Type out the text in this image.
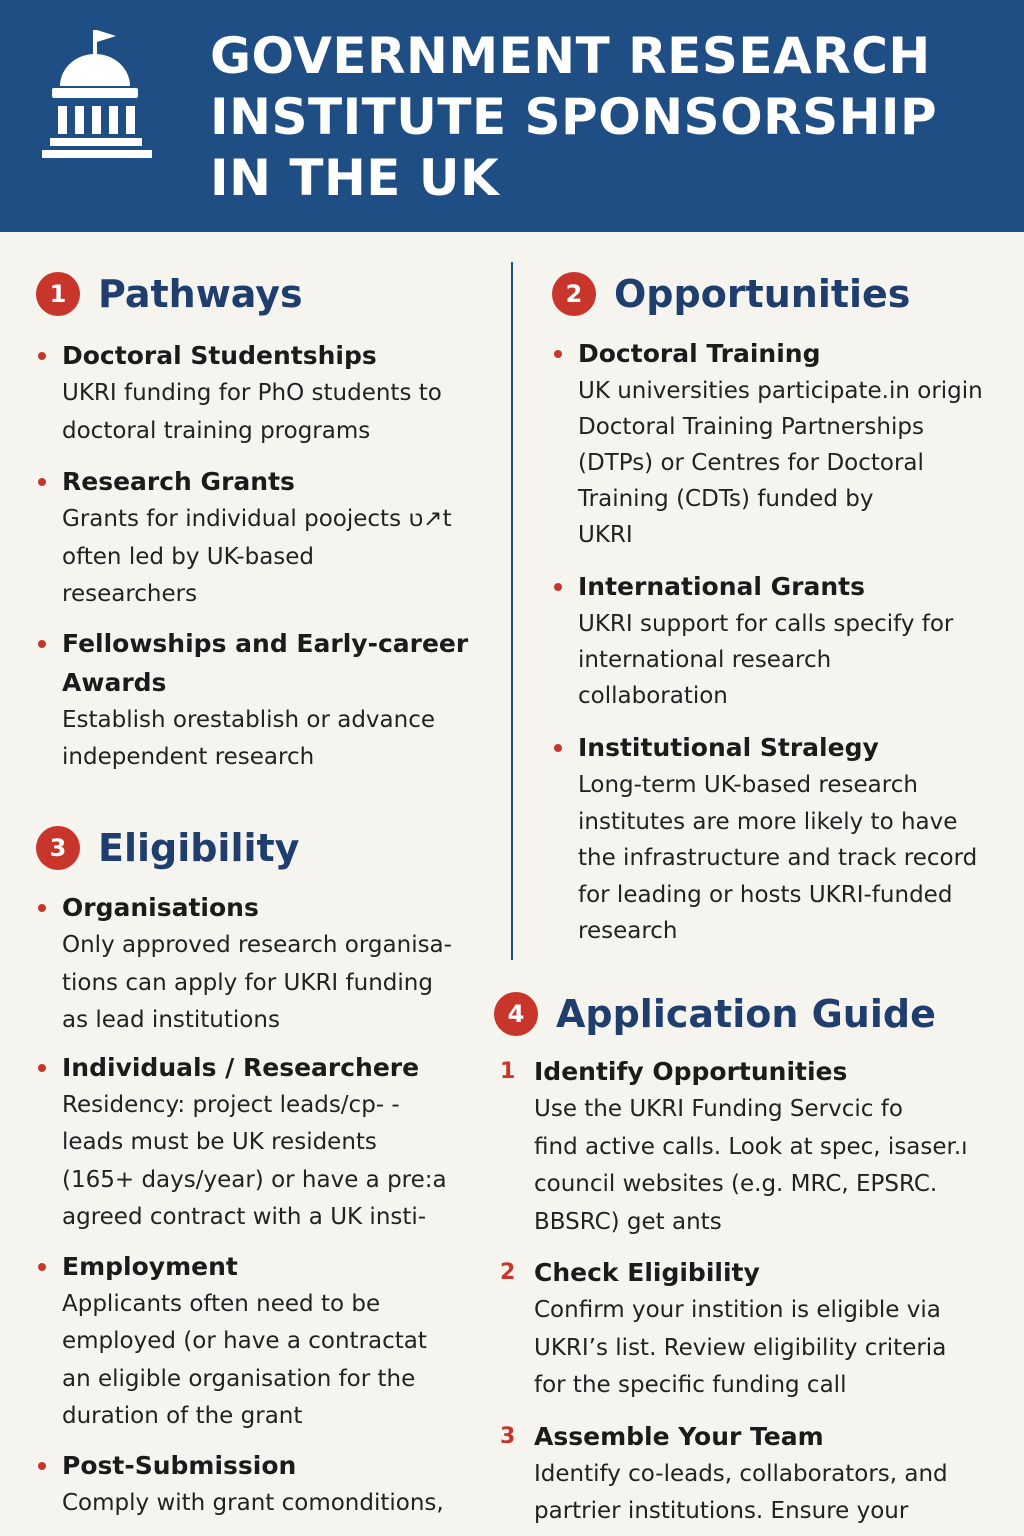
GOVERNMENT RESEARCH
INSTITUTE SPONSORSHIP
IN THE UK
1 Pathways
Doctoral Studentships
UKRI funding for PhO students to
doctoral training programs
Research Grants
Grants for individual poojects ט↗t
often led by UK-based
researchers
Fellowships and Early-career
Awards
Establish orestablish or advance
independent research
2 Opportunities
Doctoral Training
UK universities participate.in origin
Doctoral Training Partnerships
(DTPs) or Centres for Doctoral
Training (CDTs) funded by
UKRI
International Grants
UKRI support for calls specify for
international research
collaboration
Institutional Stralegy
Long-term UK-based research
institutes are more likely to have
the infrastructure and track record
for leading or hosts UKRI-funded
research
3 Eligibility
Organisations
Only approved research organisa-
tions can apply for UKRI funding
as lead institutions
Individuals / Researchere
Residency: project leads/cp- -
leads must be UK residents
(165+ days/year) or have a pre:a
agreed contract with a UK insti-
Employment
Applicants often need to be
employed (or have a contractat
an eligible organisation for the
duration of the grant
Post-Submission
Comply with grant comonditions,
4 Application Guide
1 Identify Opportunities
Use the UKRI Funding Servcic fo
find active calls. Look at spec, isaser.ı
council websites (e.g. MRC, EPSRC.
BBSRC) get ants
2 Check Eligibility
Confirm your instition is eligible via
UKRI’s list. Review eligibility criteria
for the specific funding call
3 Assemble Your Team
Identify co-leads, collaborators, and
partrier institutions. Ensure your
